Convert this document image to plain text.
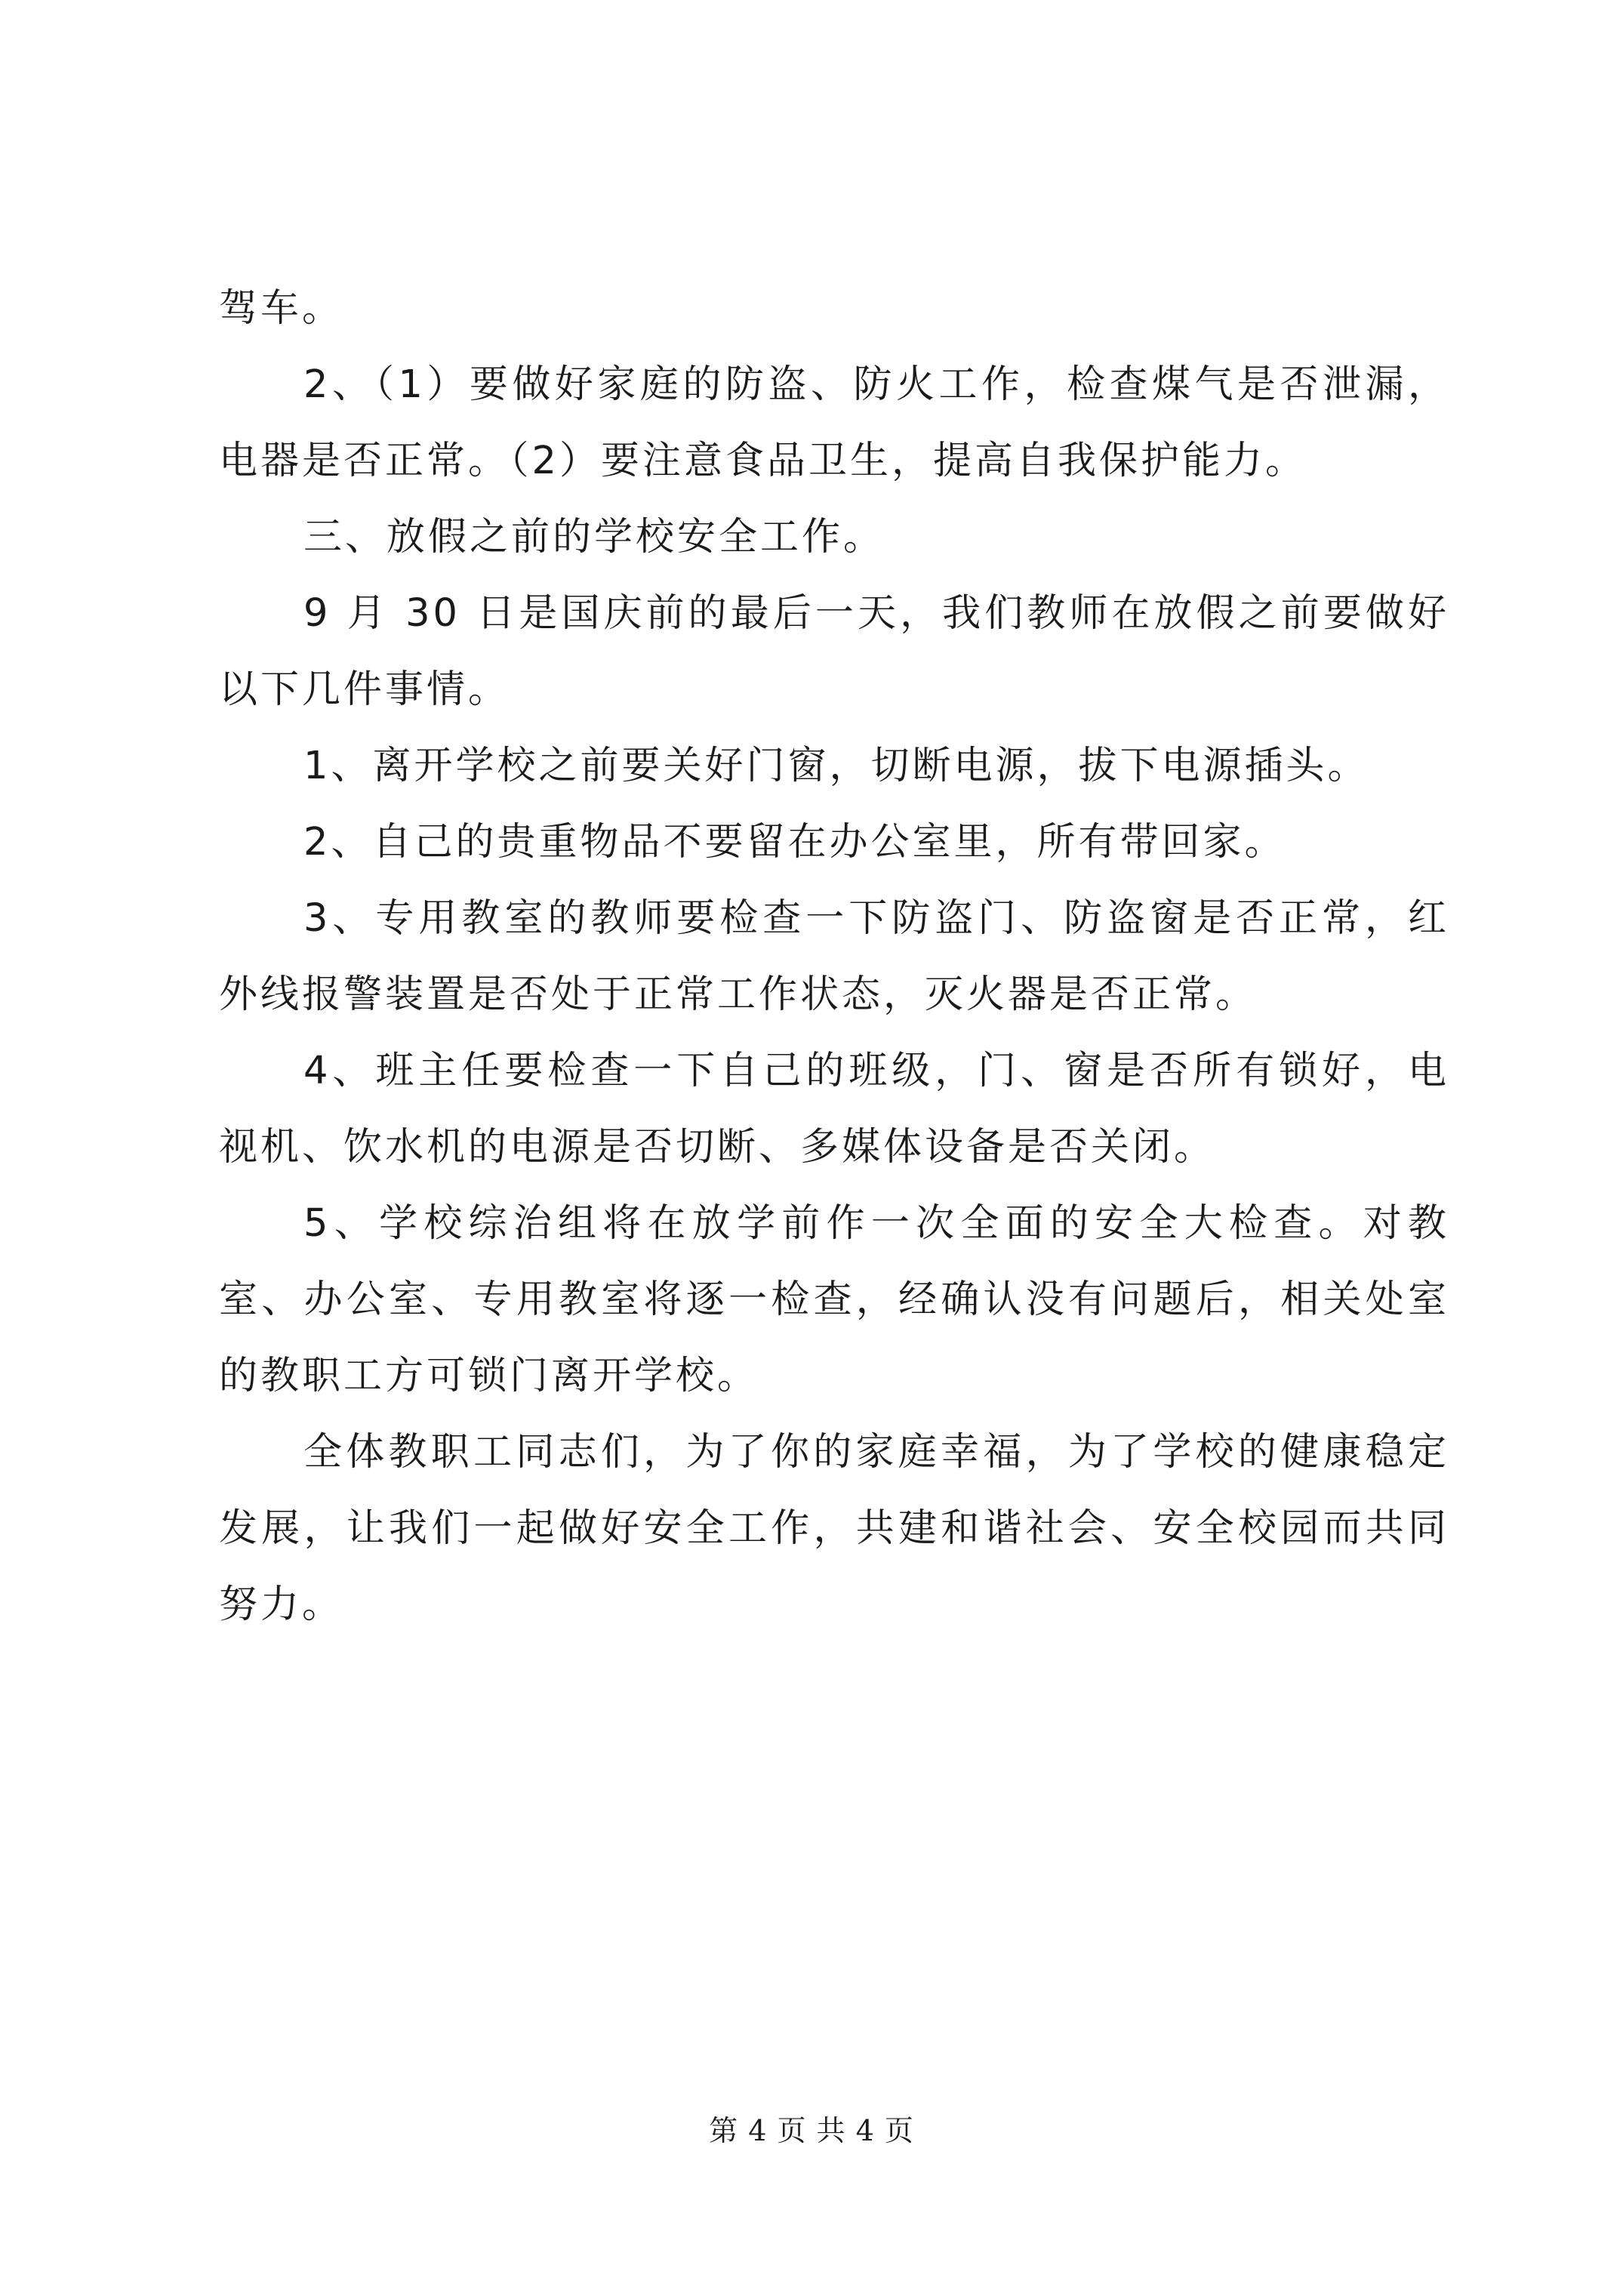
驾车。

2、（1）要做好家庭的防盗、防火工作，检查煤气是否泄漏，电器是否正常。（2）要注意食品卫生，提高自我保护能力。

三、放假之前的学校安全工作。

9 月 30 日是国庆前的最后一天，我们教师在放假之前要做好以下几件事情。

1、离开学校之前要关好门窗，切断电源，拔下电源插头。

2、自己的贵重物品不要留在办公室里，所有带回家。

3、专用教室的教师要检查一下防盗门、防盗窗是否正常，红外线报警装置是否处于正常工作状态，灭火器是否正常。

4、班主任要检查一下自己的班级，门、窗是否所有锁好，电视机、饮水机的电源是否切断、多媒体设备是否关闭。

5、学校综治组将在放学前作一次全面的安全大检查。对教室、办公室、专用教室将逐一检查，经确认没有问题后，相关处室的教职工方可锁门离开学校。

全体教职工同志们，为了你的家庭幸福，为了学校的健康稳定发展，让我们一起做好安全工作，共建和谐社会、安全校园而共同努力。

第 4 页 共 4 页
